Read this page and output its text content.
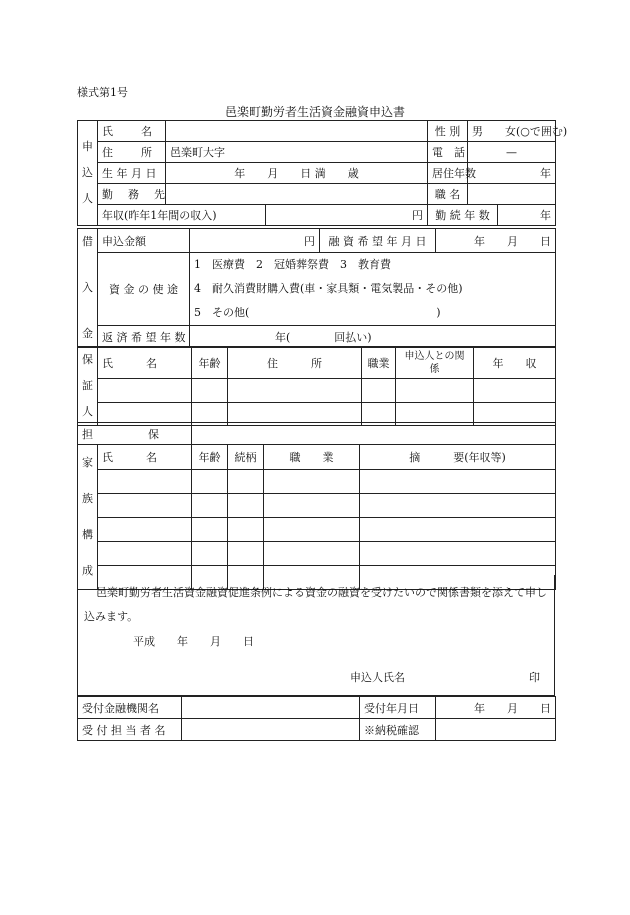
様式第1号
邑楽町勤労者生活資金融資申込書
申
込
人	氏　　名			性 別	男　　女(○で囲む)	
	住　　所	邑楽町大字		電　話	—	
	生 年 月 日	年　　月　　日 満　　歳		居住年数	年	
	勤　務　先			職 名		
	年収(昨年1年間の収入)		円	勤 続 年 数		年
借
入
金	申込金額	円	融 資 希 望 年 月 日	年　　月　　日
	資 金 の 使 途	1　医療費　2　冠婚葬祭費　3　教育費
4　耐久消費財購入費(車・家具類・電気製品・その他)
5　その他(　　　　　　　　　　　　　　　　　)		

	返 済 希 望 年 数	年(　　　　回払い)		
保
証
人	氏　　　名	年齢	住　　　所	職業	申込人との関係	年　　収

担　　　　　保	
家
族
構
成	氏　　　名	年齢	続柄	職　　業	摘　　　要(年収等)

邑楽町勤労者生活資金融資促進条例による資金の融資を受けたいので関係書類を添えて申し込みます。
平成　　年　　月　　日
申込人氏名	印
受付金融機関名		受付年月日	年　　月　　日
受 付 担 当 者 名		※納税確認	
